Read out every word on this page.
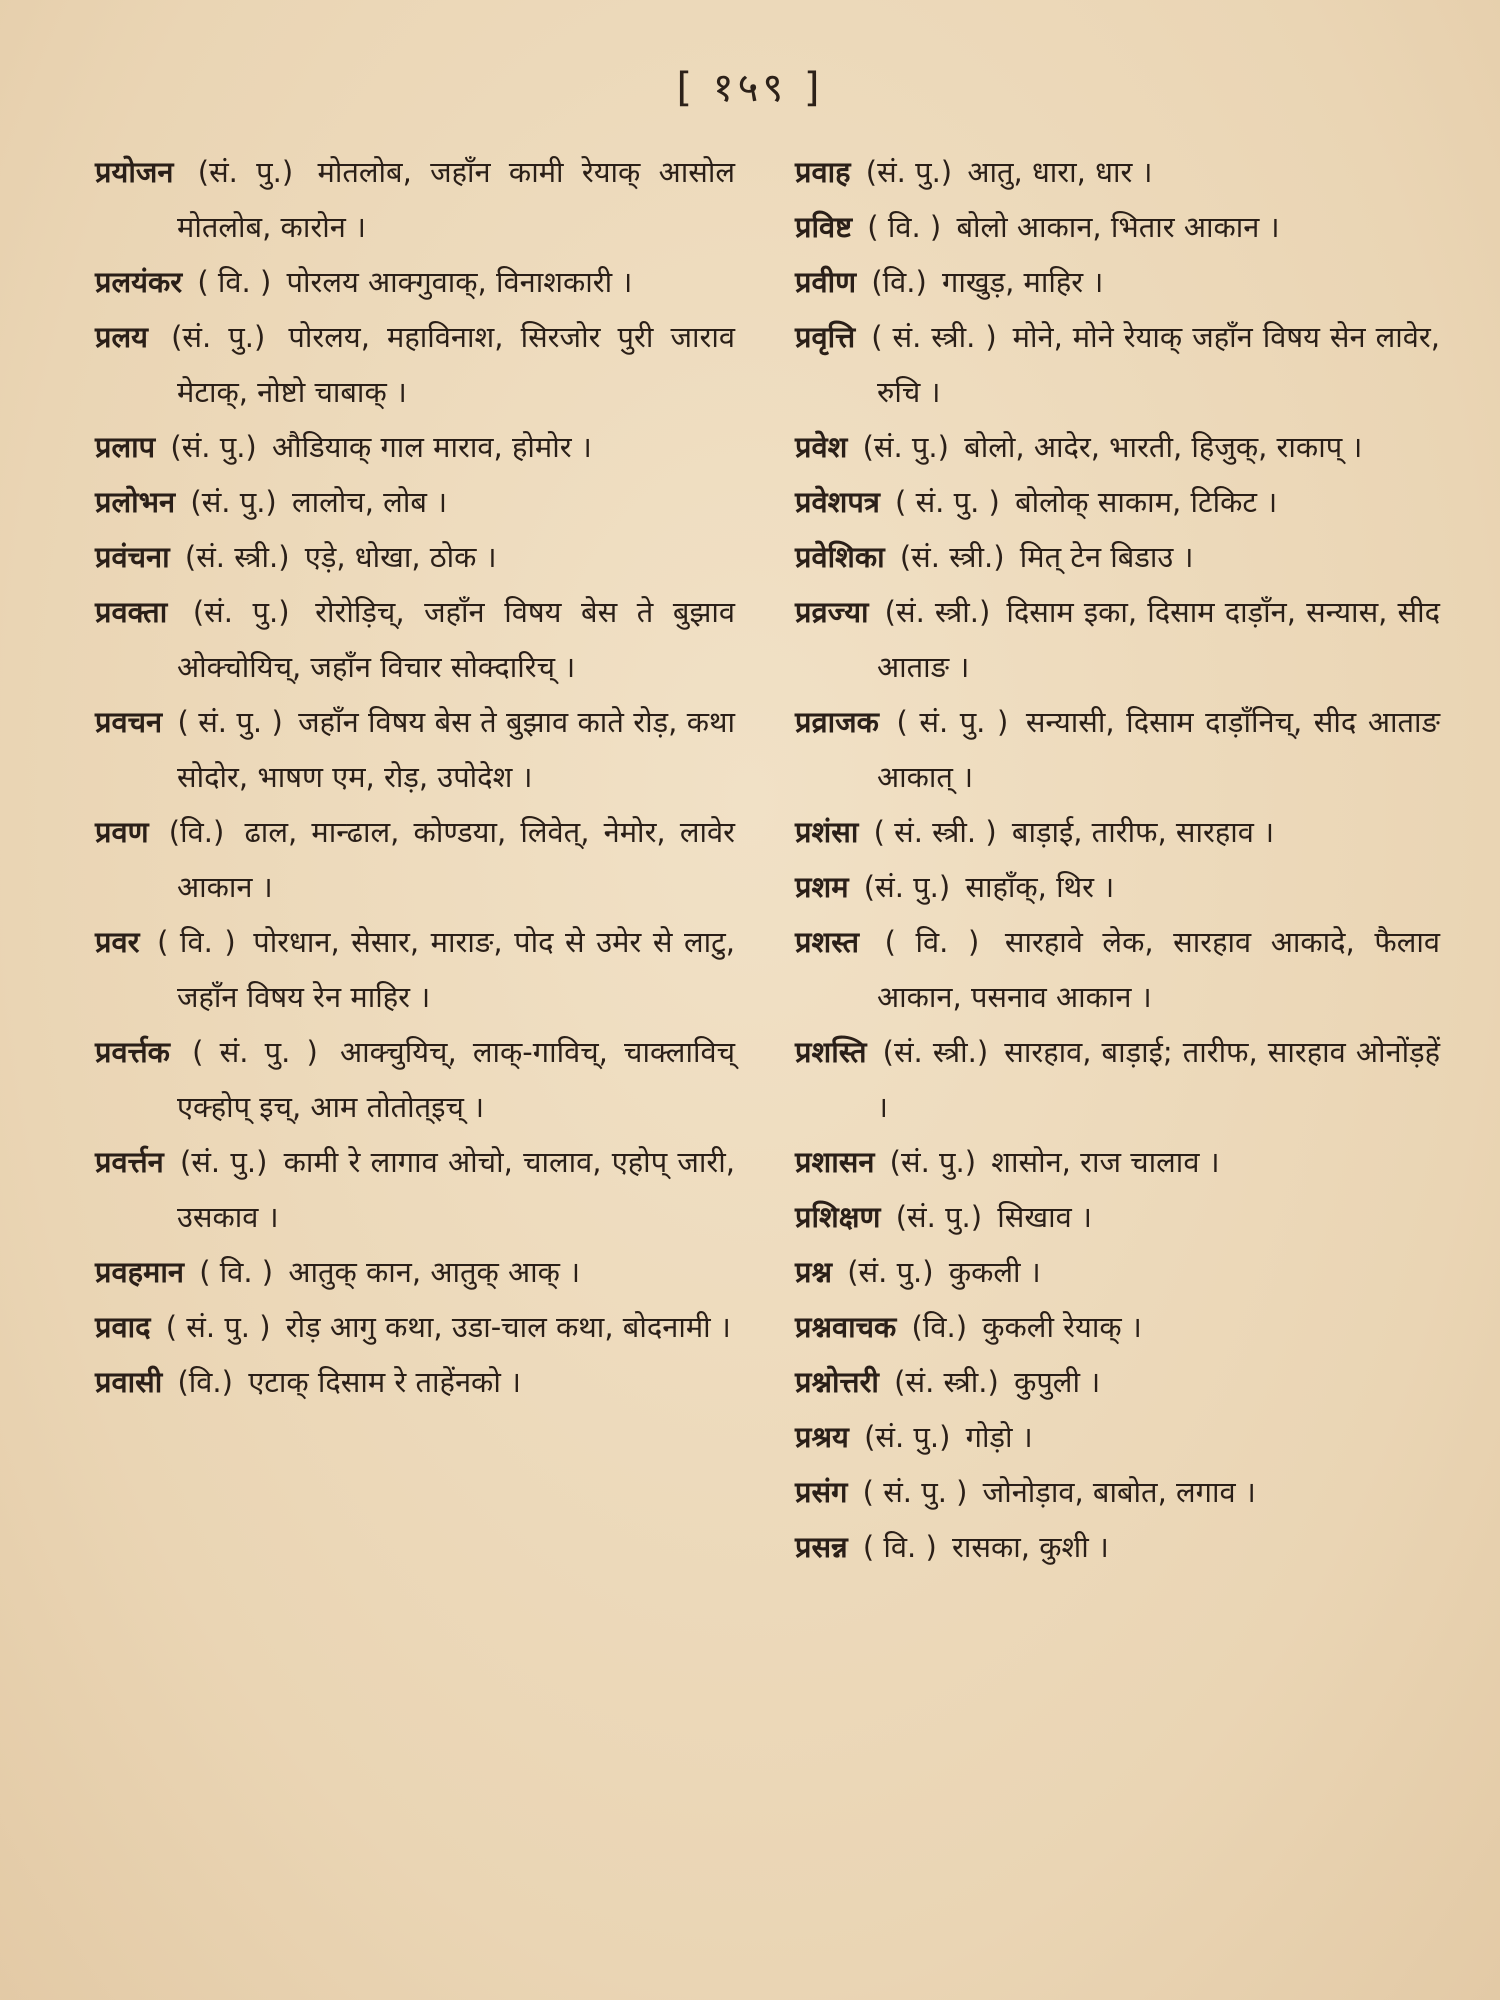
[ १५९ ]

प्रयोजन (सं. पु.) मोतलोब, जहाँन कामी रेयाक् आसोल मोतलोब, कारोन ।

प्रलयंकर ( वि. ) पोरलय आक्गुवाक्, विनाशकारी ।

प्रलय (सं. पु.) पोरलय, महाविनाश, सिरजोर पुरी जाराव मेटाक्, नोष्टो चाबाक् ।

प्रलाप (सं. पु.) औडियाक् गाल माराव, होमोर ।

प्रलोभन (सं. पु.) लालोच, लोब ।

प्रवंचना (सं. स्त्री.) एड़े, धोखा, ठोक ।

प्रवक्ता (सं. पु.) रोरोड़िच्, जहाँन विषय बेस ते बुझाव ओक्चोयिच्, जहाँन विचार सोक्दारिच् ।

प्रवचन ( सं. पु. ) जहाँन विषय बेस ते बुझाव काते रोड़, कथा सोदोर, भाषण एम, रोड़, उपोदेश ।

प्रवण (वि.) ढाल, मान्ढाल, कोण्डया, लिवेत्, नेमोर, लावेर आकान ।

प्रवर ( वि. ) पोरधान, सेसार, माराङ, पोद से उमेर से लाटु, जहाँन विषय रेन माहिर ।

प्रवर्त्तक ( सं. पु. ) आक्चुयिच्, लाक्-गाविच्, चाक्लाविच् एक्होप् इच्, आम तोतोत्इच् ।

प्रवर्त्तन (सं. पु.) कामी रे लागाव ओचो, चालाव, एहोप् जारी, उसकाव ।

प्रवहमान ( वि. ) आतुक् कान, आतुक् आक् ।

प्रवाद ( सं. पु. ) रोड़ आगु कथा, उडा-चाल कथा, बोदनामी ।

प्रवासी (वि.) एटाक् दिसाम रे ताहेंनको ।

प्रवाह (सं. पु.) आतु, धारा, धार ।

प्रविष्ट ( वि. ) बोलो आकान, भितार आकान ।

प्रवीण (वि.) गाखुड़, माहिर ।

प्रवृत्ति ( सं. स्त्री. ) मोने, मोने रेयाक् जहाँन विषय सेन लावेर, रुचि ।

प्रवेश (सं. पु.) बोलो, आदेर, भारती, हिजुक्, राकाप् ।

प्रवेशपत्र ( सं. पु. ) बोलोक् साकाम, टिकिट ।

प्रवेशिका (सं. स्त्री.) मित् टेन बिडाउ ।

प्रव्रज्या (सं. स्त्री.) दिसाम इका, दिसाम दाड़ाँन, सन्यास, सीद आताङ ।

प्रव्राजक ( सं. पु. ) सन्यासी, दिसाम दाड़ाँनिच्, सीद आताङ आकात् ।

प्रशंसा ( सं. स्त्री. ) बाड़ाई, तारीफ, सारहाव ।

प्रशम (सं. पु.) साहाँक्, थिर ।

प्रशस्त ( वि. ) सारहावे लेक, सारहाव आकादे, फैलाव आकान, पसनाव आकान ।

प्रशस्ति (सं. स्त्री.) सारहाव, बाड़ाई; तारीफ, सारहाव ओनोंड़हें ।

प्रशासन (सं. पु.) शासोन, राज चालाव ।

प्रशिक्षण (सं. पु.) सिखाव ।

प्रश्न (सं. पु.) कुकली ।

प्रश्नवाचक (वि.) कुकली रेयाक् ।

प्रश्नोत्तरी (सं. स्त्री.) कुपुली ।

प्रश्रय (सं. पु.) गोड़ो ।

प्रसंग ( सं. पु. ) जोनोड़ाव, बाबोत, लगाव ।

प्रसन्न ( वि. ) रासका, कुशी ।
